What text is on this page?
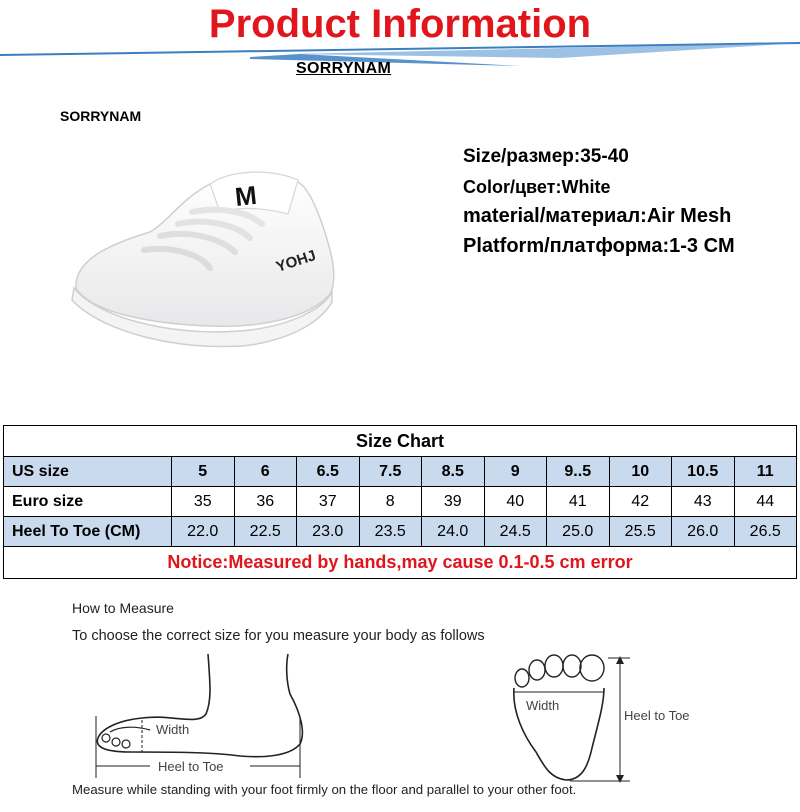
Product Information
SORRYNAM
SORRYNAM
M
YOHJ
Size/размер:35-40
Color/цвет:White
material/материал:Air Mesh
Platform/платформа:1-3 CM
Size Chart										
US size	5	6	6.5	7.5	8.5	9	9..5	10	10.5	11
Euro size	35	36	37	8	39	40	41	42	43	44
Heel To Toe (CM)	22.0	22.5	23.0	23.5	24.0	24.5	25.0	25.5	26.0	26.5
Notice:Measured by hands,may cause 0.1-0.5 cm error										
How to Measure
To choose the correct size for you measure your body as follows
Width
Heel to Toe
Width
Heel to Toe
Measure while standing with your foot firmly on the floor and parallel to your other foot.
